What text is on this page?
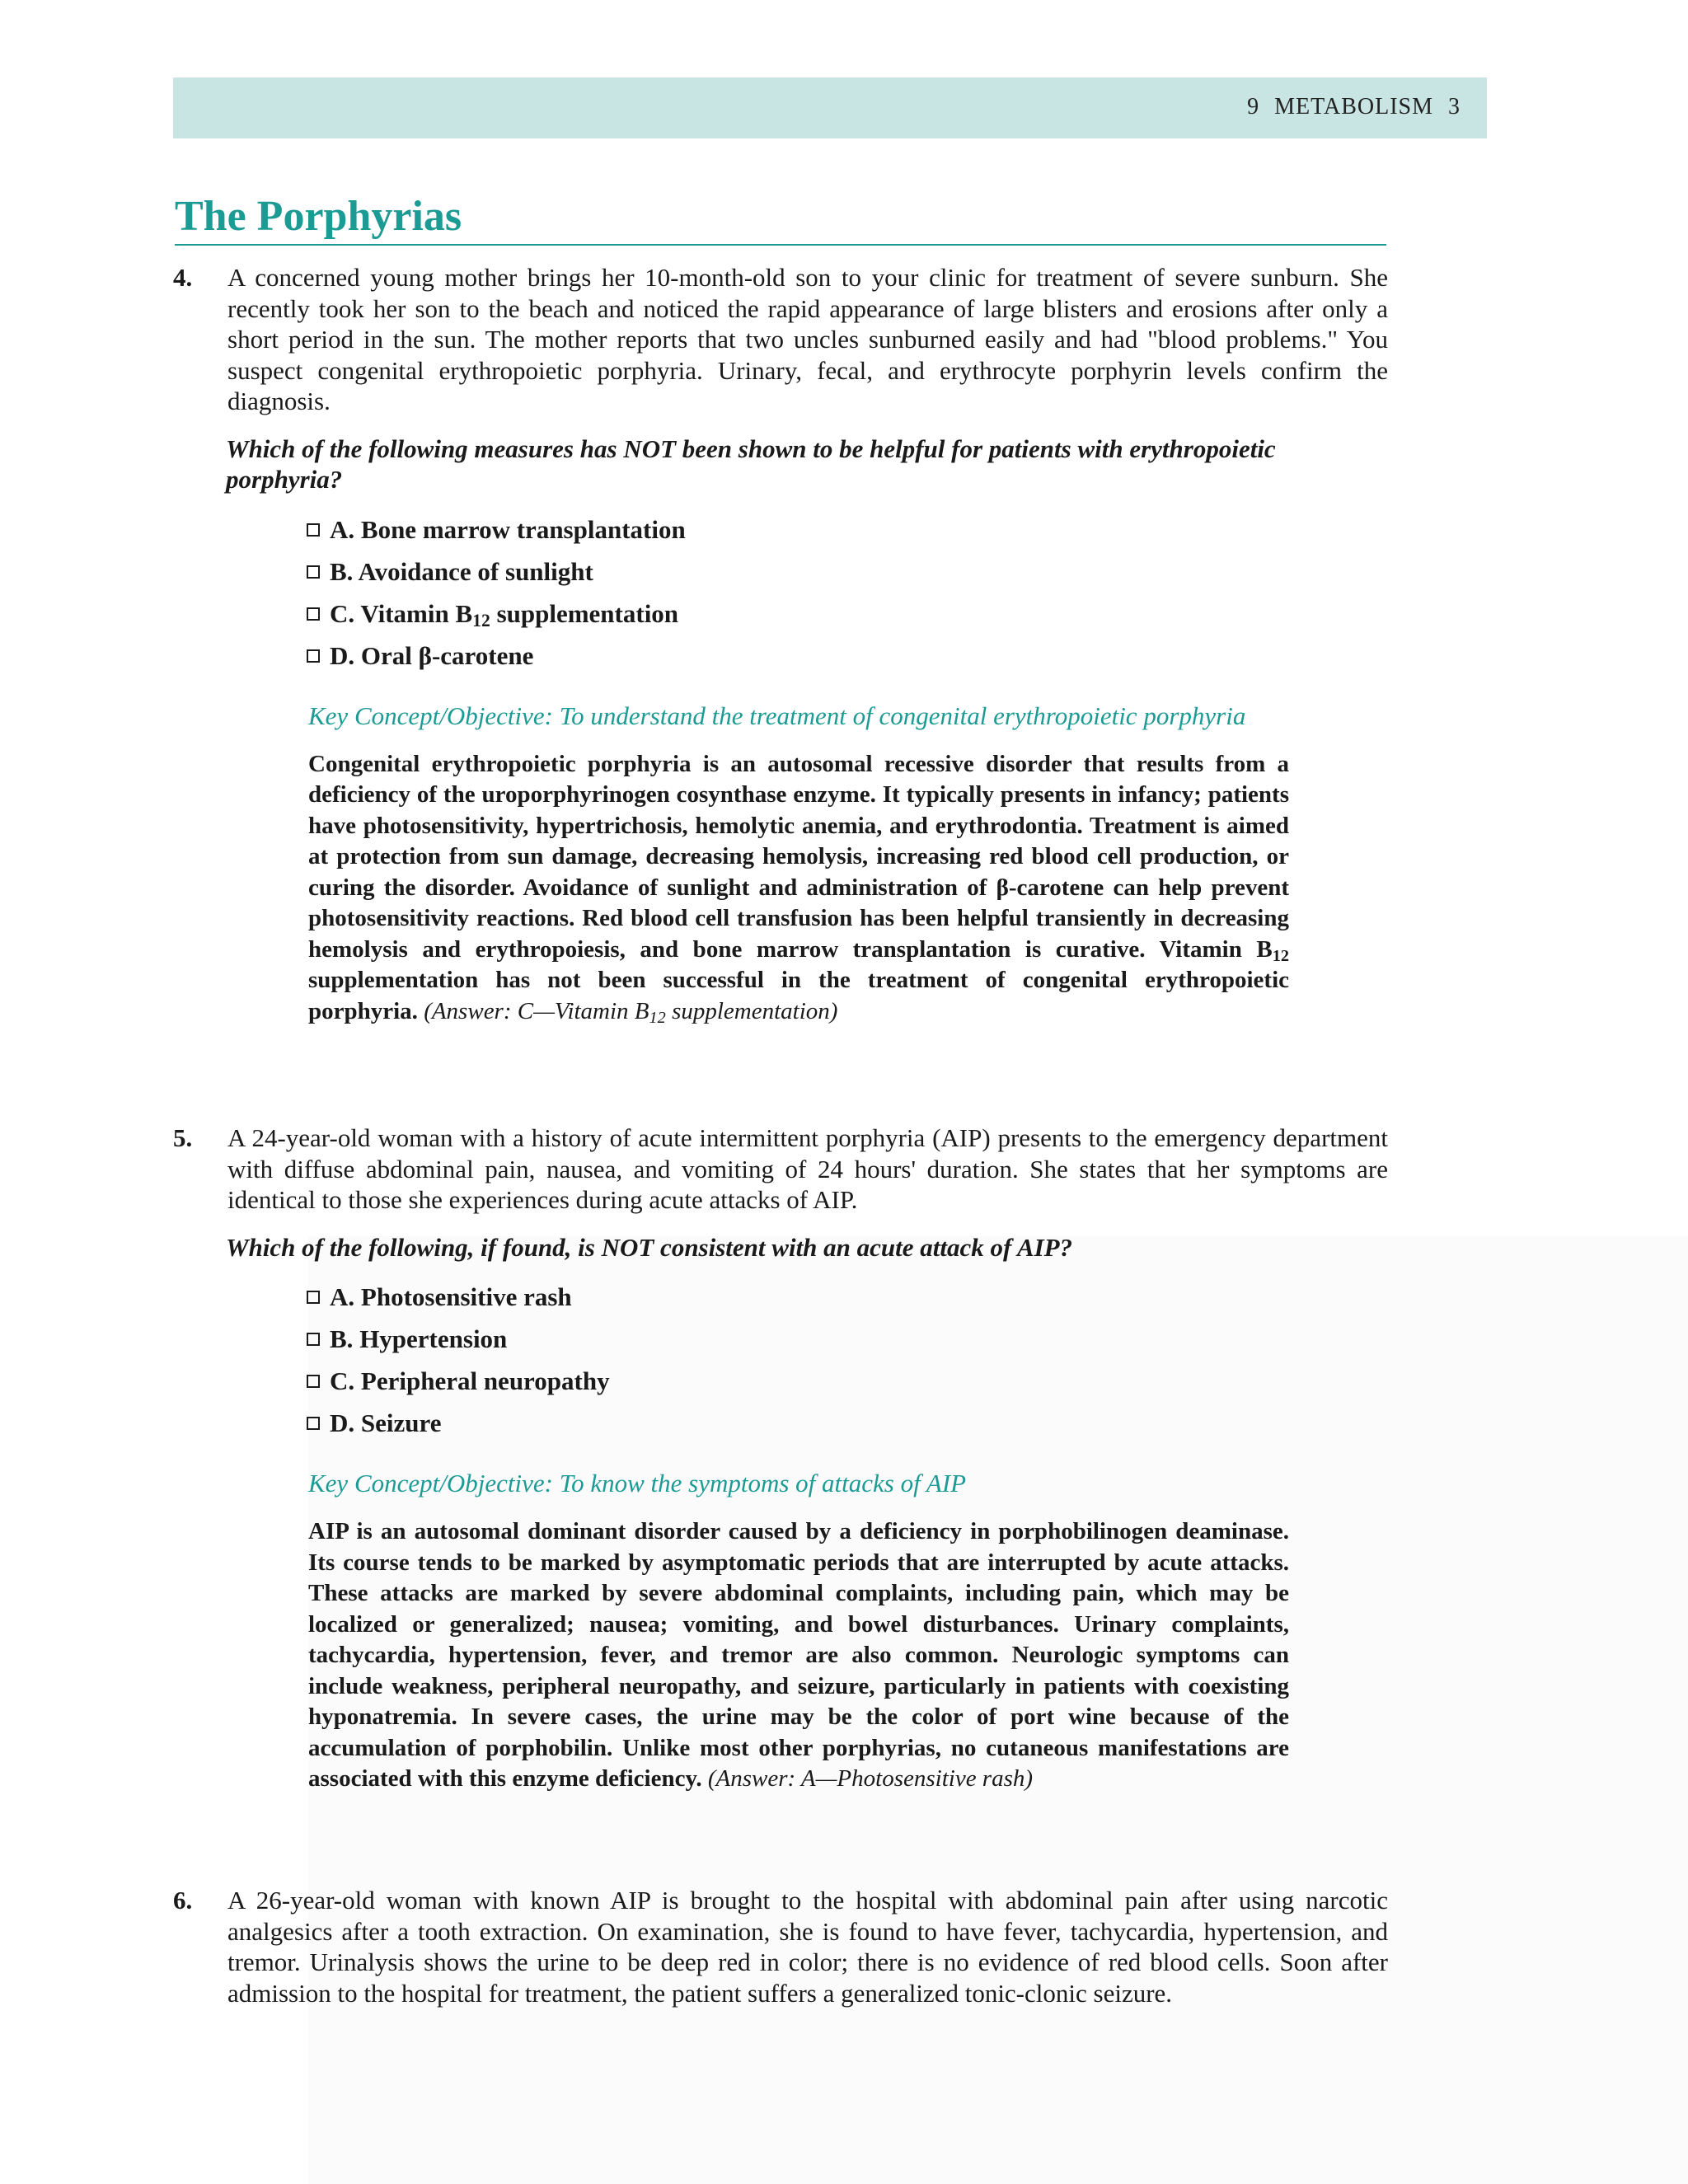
9 METABOLISM 3
The Porphyrias
4. A concerned young mother brings her 10-month-old son to your clinic for treatment of severe sunburn. She recently took her son to the beach and noticed the rapid appearance of large blisters and erosions after only a short period in the sun. The mother reports that two uncles sunburned easily and had "blood problems." You suspect congenital erythropoietic porphyria. Urinary, fecal, and erythrocyte porphyrin levels confirm the diagnosis.
Which of the following measures has NOT been shown to be helpful for patients with erythropoietic porphyria?
A. Bone marrow transplantation
B. Avoidance of sunlight
C. Vitamin $B_{12}$ supplementation
D. Oral β-carotene
Key Concept/Objective: To understand the treatment of congenital erythropoietic porphyria
Congenital erythropoietic porphyria is an autosomal recessive disorder that results from a deficiency of the uroporphyrinogen cosynthase enzyme. It typically presents in infancy; patients have photosensitivity, hypertrichosis, hemolytic anemia, and erythrodontia. Treatment is aimed at protection from sun damage, decreasing hemolysis, increasing red blood cell production, or curing the disorder. Avoidance of sunlight and administration of β-carotene can help prevent photosensitivity reactions. Red blood cell transfusion has been helpful transiently in decreasing hemolysis and erythropoiesis, and bone marrow transplantation is curative. Vitamin $B_{12}$ supplementation has not been successful in the treatment of congenital erythropoietic porphyria. (Answer: C—Vitamin $B_{12}$ supplementation)
5. A 24-year-old woman with a history of acute intermittent porphyria (AIP) presents to the emergency department with diffuse abdominal pain, nausea, and vomiting of 24 hours' duration. She states that her symptoms are identical to those she experiences during acute attacks of AIP.
Which of the following, if found, is NOT consistent with an acute attack of AIP?
A. Photosensitive rash
B. Hypertension
C. Peripheral neuropathy
D. Seizure
Key Concept/Objective: To know the symptoms of attacks of AIP
AIP is an autosomal dominant disorder caused by a deficiency in porphobilinogen deaminase. Its course tends to be marked by asymptomatic periods that are interrupted by acute attacks. These attacks are marked by severe abdominal complaints, including pain, which may be localized or generalized; nausea; vomiting, and bowel disturbances. Urinary complaints, tachycardia, hypertension, fever, and tremor are also common. Neurologic symptoms can include weakness, peripheral neuropathy, and seizure, particularly in patients with coexisting hyponatremia. In severe cases, the urine may be the color of port wine because of the accumulation of porphobilin. Unlike most other porphyrias, no cutaneous manifestations are associated with this enzyme deficiency. (Answer: A—Photosensitive rash)
6. A 26-year-old woman with known AIP is brought to the hospital with abdominal pain after using narcotic analgesics after a tooth extraction. On examination, she is found to have fever, tachycardia, hypertension, and tremor. Urinalysis shows the urine to be deep red in color; there is no evidence of red blood cells. Soon after admission to the hospital for treatment, the patient suffers a generalized tonic-clonic seizure.
